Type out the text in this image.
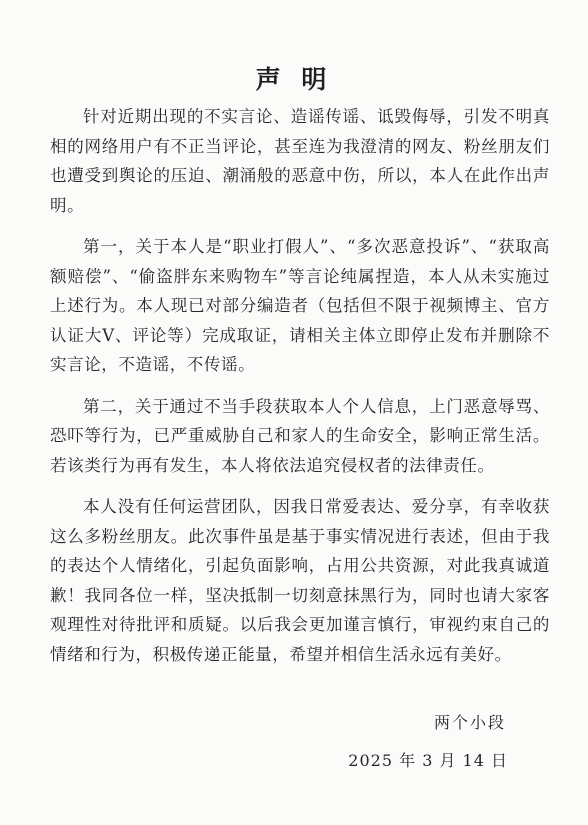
声 明

针对近期出现的不实言论、造谣传谣、诋毁侮辱，引发不明真相的网络用户有不正当评论，甚至连为我澄清的网友、粉丝朋友们也遭受到舆论的压迫、潮涌般的恶意中伤，所以，本人在此作出声明。

第一，关于本人是“职业打假人”、“多次恶意投诉”、“获取高额赔偿”、“偷盗胖东来购物车”等言论纯属捏造，本人从未实施过上述行为。本人现已对部分编造者（包括但不限于视频博主、官方认证大V、评论等）完成取证，请相关主体立即停止发布并删除不实言论，不造谣，不传谣。

第二，关于通过不当手段获取本人个人信息，上门恶意辱骂、恐吓等行为，已严重威胁自己和家人的生命安全，影响正常生活。若该类行为再有发生，本人将依法追究侵权者的法律责任。

本人没有任何运营团队，因我日常爱表达、爱分享，有幸收获这么多粉丝朋友。此次事件虽是基于事实情况进行表述，但由于我的表达个人情绪化，引起负面影响，占用公共资源，对此我真诚道歉！我同各位一样，坚决抵制一切刻意抹黑行为，同时也请大家客观理性对待批评和质疑。以后我会更加谨言慎行，审视约束自己的情绪和行为，积极传递正能量，希望并相信生活永远有美好。

两个小段
2025 年 3 月 14 日
